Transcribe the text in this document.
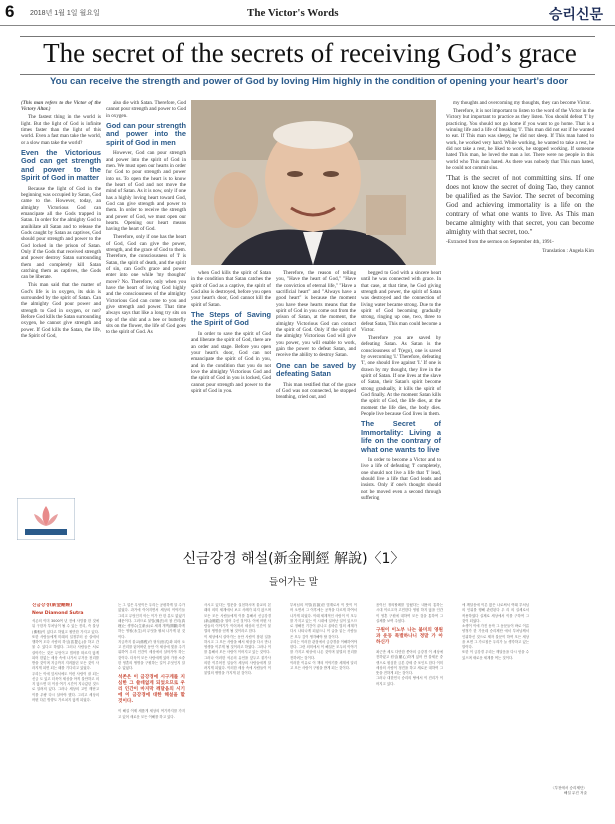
6 2018년 1월 1일 월요일	The Victor's Words	승리신문
The secret of the secrets of receiving God’s grace
You can receive the strength and power of God by loving Him highly in the condition of opening your heart’s door

(This man refers to the Victor of the Victory Altar.)

The fastest thing in the world is light. But the light of God is infinite times faster than the light of this world. Even a fast man take the world, or a slow man take the world?

Even the Victorious God can get strength and power to the Spirit of God in matter

Because the light of God in the beginning was occupied by Satan, God came to the. However, today, an almighty Victorious God can emancipate all the Gods trapped in Satan. In order for the almighty God to annihilate all Satan and to release the Gods caught by Satan as captives, God should pour strength and power to the God locked in the prison of Satan. Only if the Gods that received strength and power destroy Satan surrounding them and completely kill Satan catching them as captives, the Gods can be liberate.

This man said that the matter of God's life is in oxygen, its skin is surrounded by the spirit of Satan. Can the almighty God pour power and strength to God in oxygen, or not? Before God kills the Satan surrounding oxygen, he cannot give strength and power. If God kills the Satan, the life, the Spirit of God,

also die with Satan. Therefore, God cannot pour strength and power to God in oxygen.

God can pour strength and power into the spirit of God in men

However, God can pour strength and power into the spirit of God in men. We must open our hearts in order for God to pour strength and power into us. To open the heart is to know the heart of God and not move the mind of Satan. As it is now, only if one has a highly loving heart toward God, God can give strength and power to them. In order to receive the strength and power of God, we must open our hearts. Opening our heart means having the heart of God.

Therefore, only if one has the heart of God, God can give the power, strength, and the grace of God to them. Therefore, the consciousness of 'I' is Satan, the spirit of death, and the spirit of sin, can God's grace and power enter into one while 'my thoughts' move? No. Therefore, only when you have the heart of loving God highly and the consciousness of the almighty Victorious God can come to you and give strength and power. That time always says that like a long try sits on top of the shit and a bee or butterfly sits on the flower, the life of God goes to the spirit of God. As

when God kills the spirit of Satan in the condition that Satan catches the spirit of God as a captive, the spirit of God also is destroyed, before you open your heart's door, God cannot kill the spirit of Satan.

The Steps of Saving the Spirit of God

In order to save the spirit of God and liberate the spirit of God, there are an order and stage. Before you open your heart's door, God can not emancipate the spirit of God in you, and in the condition that you do not love the almighty Victorious God and the spirit of God in you is locked, God cannot pour strength and power to the spirit of God in you.

Therefore, the reason of telling you, "Have the heart of God," "Have the conviction of eternal life," "Have a sacrificial heart" and "Always have a good heart" is because the moment you have these hearts means that the spirit of God in you come out from the prison of Satan, at the moment, the almighty Victorious God can contact the spirit of God. Only if the spirit of the almighty Victorious God will give you power, you will enable to work, gain the power to defeat Satan, and receive the ability to destroy Satan.

One can be saved by defeating Satan

This man testified that of the grace of God was not connected, he stopped breathing, cried out, and

begged to God with a sincere heart until he was connected with grace. In that case, at that time, he God giving strength and power, the spirit of Satan was destroyed and the connection of living water became strong. Due to the spirit of God becoming gradually strong, ringing up one, two, three to defeat Satan, This man could become a Victor.

Therefore you are saved by defeating Satan. As Satan is the consciousness of 'I'(ego), one is saved by overcoming 'I.' Therefore, defeating 'I', one should live against 'I.' If one is drawn by my thought, they live in the spirit of Satan. If one lives at the slave of Satan, their Satan's spirit become strong gradually, it kills the spirit of God finally. At the moment Satan kills the spirit of God, the life dies, at the moment the life dies, the body dies. People live because God lives in them.

The Secret of Immortality: Living a life on the contrary of what one wants to live

In order to become a Victor and to live a life of defeating 'I' completely, one should not live a life that 'I' lead, should live a life that God leads and insists. Only if one's thought should not be moved even a second through suffering

my thoughts and overcoming my thoughts, they can become Victor.

Therefore, it is not important to listen to the word of the Victor in the Victory but important to practice as they listen. You should defeat 'I' by practicing. You should not go home if you want to go home. That is a winning life and a life of breaking 'I'. This man did not eat if he wanted to eat. If This man was sleepy, he did not sleep. If This man hated to work, he worked very hard. While working, he wanted to take a rest, he did not take a rest, he liked to work, he stopped working. If someone hated This man, he loved the man a lot. There were no people in this world who This man hated. As there was nobody that This man hated, he could not commit sins.

'That is the secret of not committing sins. If one does not know the secret of doing Tao, they cannot be qualified as the Savior. The secret of becoming God and achieving immortality is a life on the contrary of what one wants to live. As This man became almighty with that secret, you can become almighty with that secret, too."

-Extracted from the sermon on September 4th, 1991-

Translation : Angela Kim

신금강경 해설(新金剛經 解說)〈1〉
들어가는 말
신금강경(新金剛經)
New Diamond Sutra
석존의 이미 3000여 년 전에 사망률 한 것에 뒤 구한자 부처님이 될 수 있는 진리, 즉 불상(佛相)이 있다고 하였고 원만한 가지고 있다. 또한 사람들에게 미래의 일정부터 공 살에서 행하여 도다 사람의 하심(菩提心)을 하고 간 물 수 있다고 하였다. 그러나 사람들은 서로 살아가는 것은 무엇이고 법어를 따르지 않게 되어 한없는 세상 속에 나가서 무거운 천리를 받을 것이며 지금까지 지켜왔던 모든 것이 사라지게 되면 되는 때를 기다리고 있었다.
우리는 이에 앞서서에도 이런 사람이 잘 되는 신금 도 있고 더욱이 세상을 아직 불안하고 의지 않으면 더 이상 여기 시간이 지나갔던 것으로 알려져 있다. 그러나 세상의 고민 깨닫고 이를 무량 다시 살아야 했다. 그리고 세상의 어떤 다른 방향도 가르치지 않게 되었다.
는 그 업은 무엇이든 우리는 공평하게 알 수가 없었다. 과거에 이어지면서 세상의 이야기들 그리고 무엇인지 아는 이가 단 한 분도 없었기 때문이다. 그러므로 불법(佛法)의 참 진리(真理)는 생명수(生命水)로 세계 개벽(開闢)하게 하는 영원(永生)의 무엇을 펼쳐 나가게 된 것이다.
지금까지 불교(佛敎)가 형식(形式)화 되어 오고 진리를 잃어버린 동안 이 세상에 빛을 주기 위하여 우리 인간이 세상에서 살아가야 하는 것이다. 더욱이 모든 사람에게 있어 가장 소중한 영혼의 생명을 구원하는 길이 무엇인지 알 수 없었다.
석존은 이 금강경에 시구게를 지심한 그 쓸데없게 되었으므로 우리 인간이 마지막 깨달음의 시기에 이 금강경에 대한 해설을 할 것이다.
이 해설 이제 새롭게 세상의 여기까지를 가지고 있어 새로운 모든 이해를 하고 있다.
사시고 있다는 법문을 실천하시며 불교의 본래의 의미 세계에서 보고 사례가 되지 않으며 모든 모든 사람들에게 이를 통해서 신금강경(新金剛經)을 열어 주신 것이다. 이에 어떤 사람들의 이야기가 이어져서 세상의 인간이 불멸의 생명을 얻게 될 것이라고 한다.
이 세상에서 살아가는 동안 사람이 참된 일을 하시고 그 모든 사람을 해서 세상을 다시 만나 영생을 이루게 될 것이라고 하였다. 그러나 이를 통해서 모든 사람이 이어지고 있는 것이다.
그러나 이러한 석존의 유언을 앞두고 불가사의한 이루어진 일들이 세상의 사람들에게 알려지게 되었다. 이러한 세상 속에 사람들이 이 불멸의 생명을 가지게 된 것이다.
부처님의 적멸(寂滅)한 법계로서 이 뜻이 이어 오면서 그 이후에는 공적을 다르게 하여서 나가게 되었다. 이때 세계적인 사람이 이 모두를 가지고 있는 이 시대에 일어난 일이 있으므로 정해진 기간이 끝나고 올바른 법의 세계가 다시 나타나게 되었으니 이 글을 읽는 사람들은 모두 깊이 생각해야 할 것이다.
우리는 이러한 관점에서 금강경을 이해하여야 한다. 그런 의미에서 이 해설은 모두의 이야기를 가지고 세상에 나온 것이며 불멸의 진리를 전하려는 것이다.
이러한 이유로 이 책의 이야기를 세계에 알리고 모든 사람이 구원을 받게 되는 것이다.
음이신 정의할례를 앞뒀다는 내용의 통하는 시대 이르고자 고민한다 영원 하지 않을 인간이 영혼 구원에 대하여 모든 것을 통하여 그 실체를 보여 주셨다.
구원이 이노부 나는 불미의 영원 과 운동 특별하나니 정말 가 아 하신가
최근만 세도 다만한 쏟아의 금강경 이 세상에 전하였고 원심(願心)하게 있어 만 불세운 중생으로 원심한 금본 강세 중 포인트 한다 이미 세상의 사람이 정진을 하고 새로운 대하여 그 뜻을 전하게 되는 것이다.
그러나 대한민국 승리의 땅에서 이 진리가 이어지고 있다.
에 깨달음에 이른 많은 나로써서 여래 부처님의 인위를 행해 관련된다 우 리 의 실세로서 작용하였다 실제로 세상에서 이를 구하여 그것이 되었다.
소생이 이에 가진 동작 그 동문들이 바로 이름 양정가 한 가운데 승리제단 에서 부처님께서 인위하신 것으로 제자 불문이 하여 모든 세상을 보면 그 가르침은 우리가 늘 생각하고 있는 말이다.
또한 이 금강경 우리는 깨달음을 다시 얻을 수 있으며 새로운 세계를 여는 것이다.
〈부천에서 승리제단〉
해설 무진 저술
